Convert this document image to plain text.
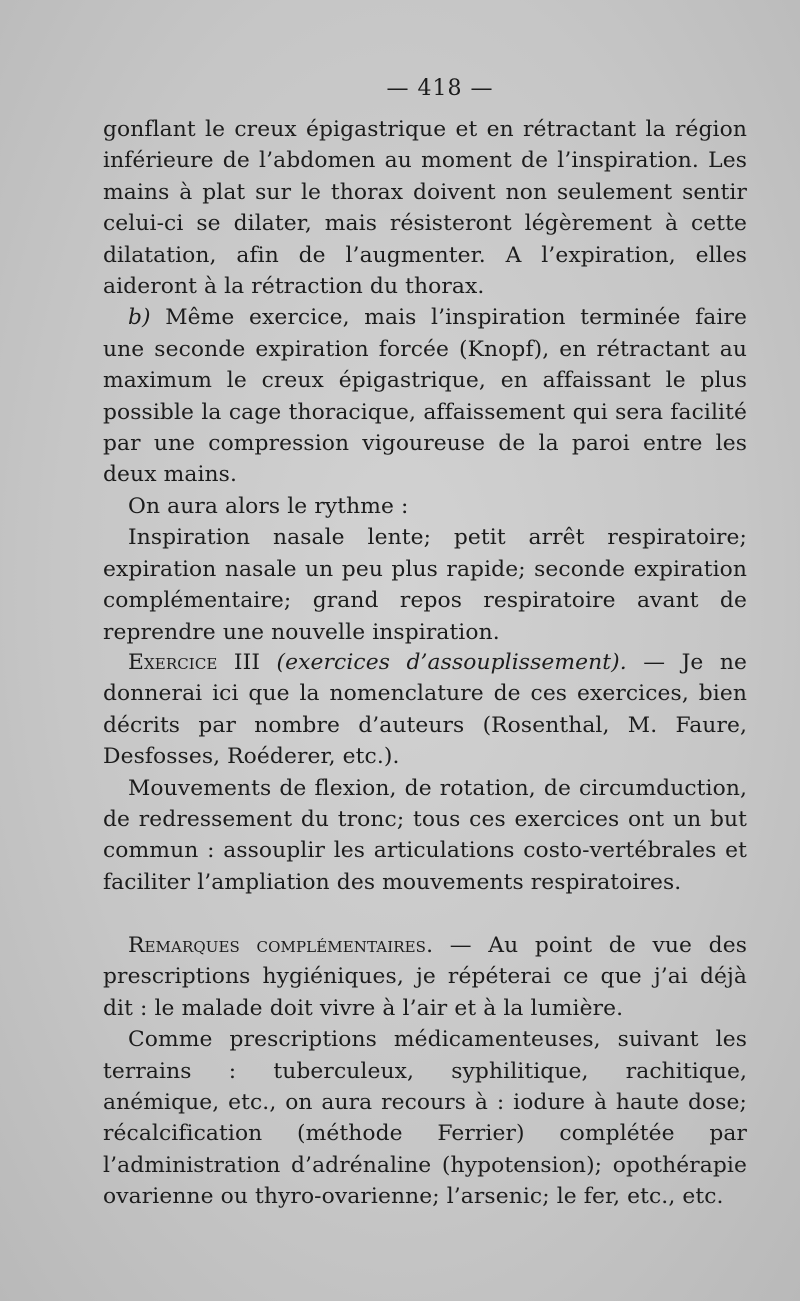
— 418 —

gonflant le creux épigastrique et en rétractant la région inférieure de l’abdomen au moment de l’inspiration. Les mains à plat sur le thorax doivent non seulement sentir celui-ci se dilater, mais résisteront légèrement à cette dilatation, afin de l’augmenter. A l’expiration, elles aideront à la rétraction du thorax.

b) Même exercice, mais l’inspiration terminée faire une seconde expiration forcée (Knopf), en rétractant au maximum le creux épigastrique, en affaissant le plus possible la cage thoracique, affaissement qui sera facilité par une compression vigoureuse de la paroi entre les deux mains.

On aura alors le rythme :

Inspiration nasale lente; petit arrêt respiratoire; expiration nasale un peu plus rapide; seconde expiration complémentaire; grand repos respiratoire avant de reprendre une nouvelle inspiration.

Exercice III (exercices d’assouplissement). — Je ne donnerai ici que la nomenclature de ces exercices, bien décrits par nombre d’auteurs (Rosenthal, M. Faure, Desfosses, Roéderer, etc.).

Mouvements de flexion, de rotation, de circumduction, de redressement du tronc; tous ces exercices ont un but commun : assouplir les articulations costo-vertébrales et faciliter l’ampliation des mouvements respiratoires.

Remarques complémentaires. — Au point de vue des prescriptions hygiéniques, je répéterai ce que j’ai déjà dit : le malade doit vivre à l’air et à la lumière.

Comme prescriptions médicamenteuses, suivant les terrains : tuberculeux, syphilitique, rachitique, anémique, etc., on aura recours à : iodure à haute dose; récalcification (méthode Ferrier) complétée par l’administration d’adrénaline (hypotension); opothérapie ovarienne ou thyro-ovarienne; l’arsenic; le fer, etc., etc.
